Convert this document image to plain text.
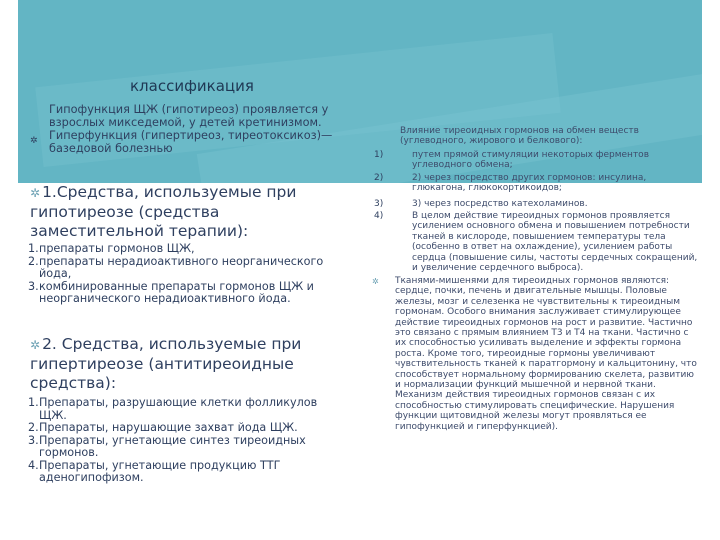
классификация
Гипофункция ЩЖ (гипотиреоз) проявляется у взрослых микседемой, у детей кретинизмом.
Гиперфункция (гипертиреоз, тиреотоксикоз)—базедовой болезнью
✲
✲ 1.Средства, используемые при гипотиреозе (средства заместительной терапии):
1. препараты гормонов ЩЖ,
2. препараты нерадиоактивного неорганического йода,
3. комбинированные препараты гормонов ЩЖ и неорганического нерадиоактивного йода.
✲ 2. Средства, используемые при гипертиреозе (антитиреоидные средства):
1. Препараты, разрушающие клетки фолликулов ЩЖ.
2. Препараты, нарушающие захват йода ЩЖ.
3. Препараты, угнетающие синтез тиреоидных гормонов.
4. Препараты, угнетающие продукцию ТТГ аденогипофизом.
Влияние тиреоидных гормонов на обмен веществ (углеводного, жирового и белкового):
1)	путем прямой стимуляции некоторых ферментов углеводного обмена;
2)	2) через посредство других гормонов: инсулина, глюкагона, глюкокортикоидов;
3)	3) через посредство катехоламинов.
4)	В целом действие тиреоидных гормонов проявляется усилением основного обмена и повышением потребности тканей в кислороде, повышением температуры тела (особенно в ответ на охлаждение), усилением работы сердца (повышение силы, частоты сердечных сокращений, и увеличение сердечного выброса).
✲ Тканями-мишенями для тиреоидных гормонов являются: сердце, почки, печень и двигательные мышцы. Половые железы, мозг и селезенка не чувствительны к тиреоидным гормонам. Особого внимания заслуживает стимулирующее действие тиреоидных гормонов на рост и развитие. Частично это связано с прямым влиянием Т3 и Т4 на ткани. Частично с их способностью усиливать выделение и эффекты гормона роста. Кроме того, тиреоидные гормоны увеличивают чувствительность тканей к паратгормону и кальцитонину, что способствует нормальному формированию скелета, развитию и нормализации функций мышечной и нервной ткани. Механизм действия тиреоидных гормонов связан с их способностью стимулировать специфические. Нарушения функции щитовидной железы могут проявляться ее гипофункцией и гиперфункцией).
